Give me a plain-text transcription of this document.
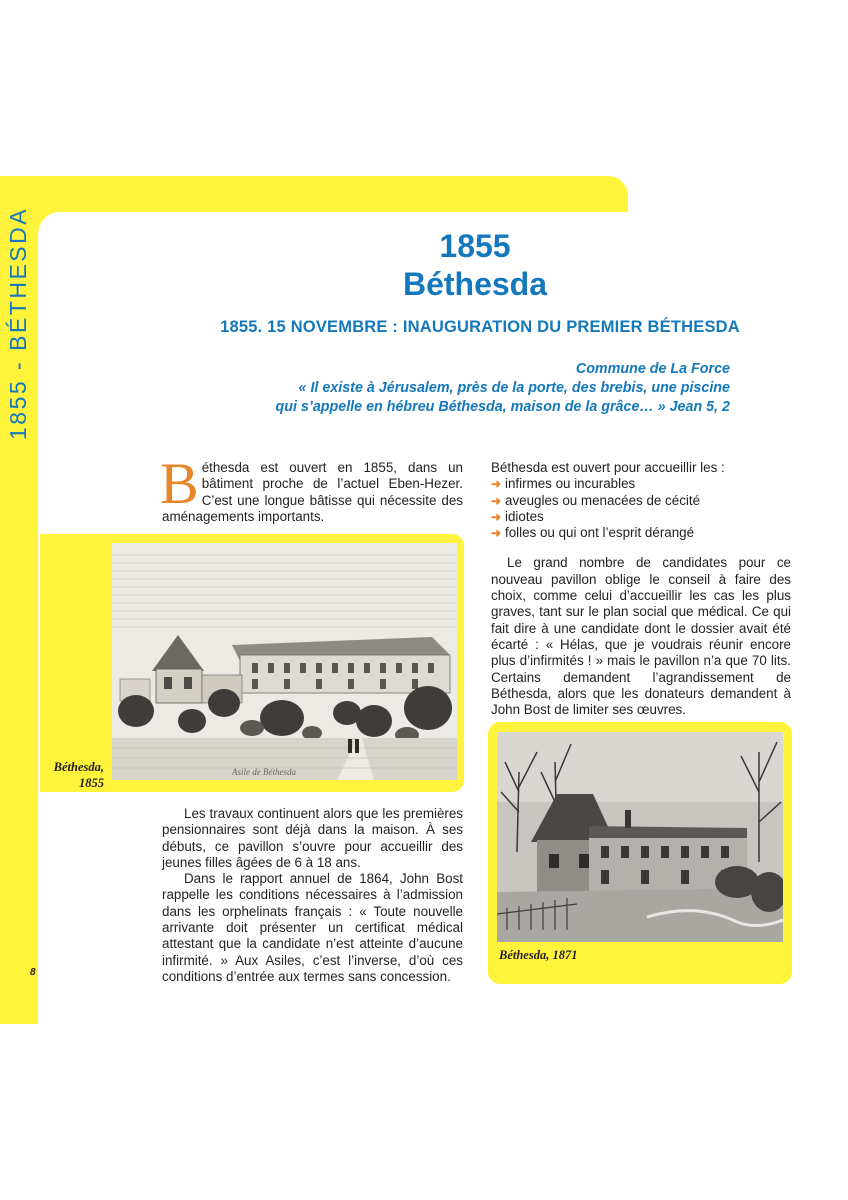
1855 - BÉTHESDA
8
1855
Béthesda
1855. 15 NOVEMBRE : INAUGURATION DU PREMIER BÉTHESDA
Commune de La Force
« Il existe à Jérusalem, près de la porte, des brebis, une piscine
qui s’appelle en hébreu Béthesda, maison de la grâce… » Jean 5, 2
Béthesda est ouvert en 1855, dans un bâtiment proche de l’actuel Eben-Hezer. C’est une longue bâtisse qui nécessite des aménagements importants.
Béthesda est ouvert pour accueillir les :
➜ infirmes ou incurables
➜ aveugles ou menacées de cécité
➜ idiotes
➜ folles ou qui ont l’esprit dérangé
Le grand nombre de candidates pour ce nouveau pavillon oblige le conseil à faire des choix, comme celui d’accueillir les cas les plus graves, tant sur le plan social que médical. Ce qui fait dire à une candidate dont le dossier avait été écarté : « Hélas, que je voudrais réunir encore plus d’infirmités ! » mais le pavillon n’a que 70 lits. Certains demandent l’agrandissement de Béthesda, alors que les donateurs demandent à John Bost de limiter ses œuvres.
Asile de Béthesda
Béthesda,
1855
Les travaux continuent alors que les premières pensionnaires sont déjà dans la maison. À ses débuts, ce pavillon s’ouvre pour accueillir des jeunes filles âgées de 6 à 18 ans.
Dans le rapport annuel de 1864, John Bost rappelle les conditions nécessaires à l’admission dans les orphelinats français : « Toute nouvelle arrivante doit présenter un certificat médical attestant que la candidate n’est atteinte d’aucune infirmité. » Aux Asiles, c’est l’inverse, d’où ces conditions d’entrée aux termes sans concession.
Béthesda, 1871
